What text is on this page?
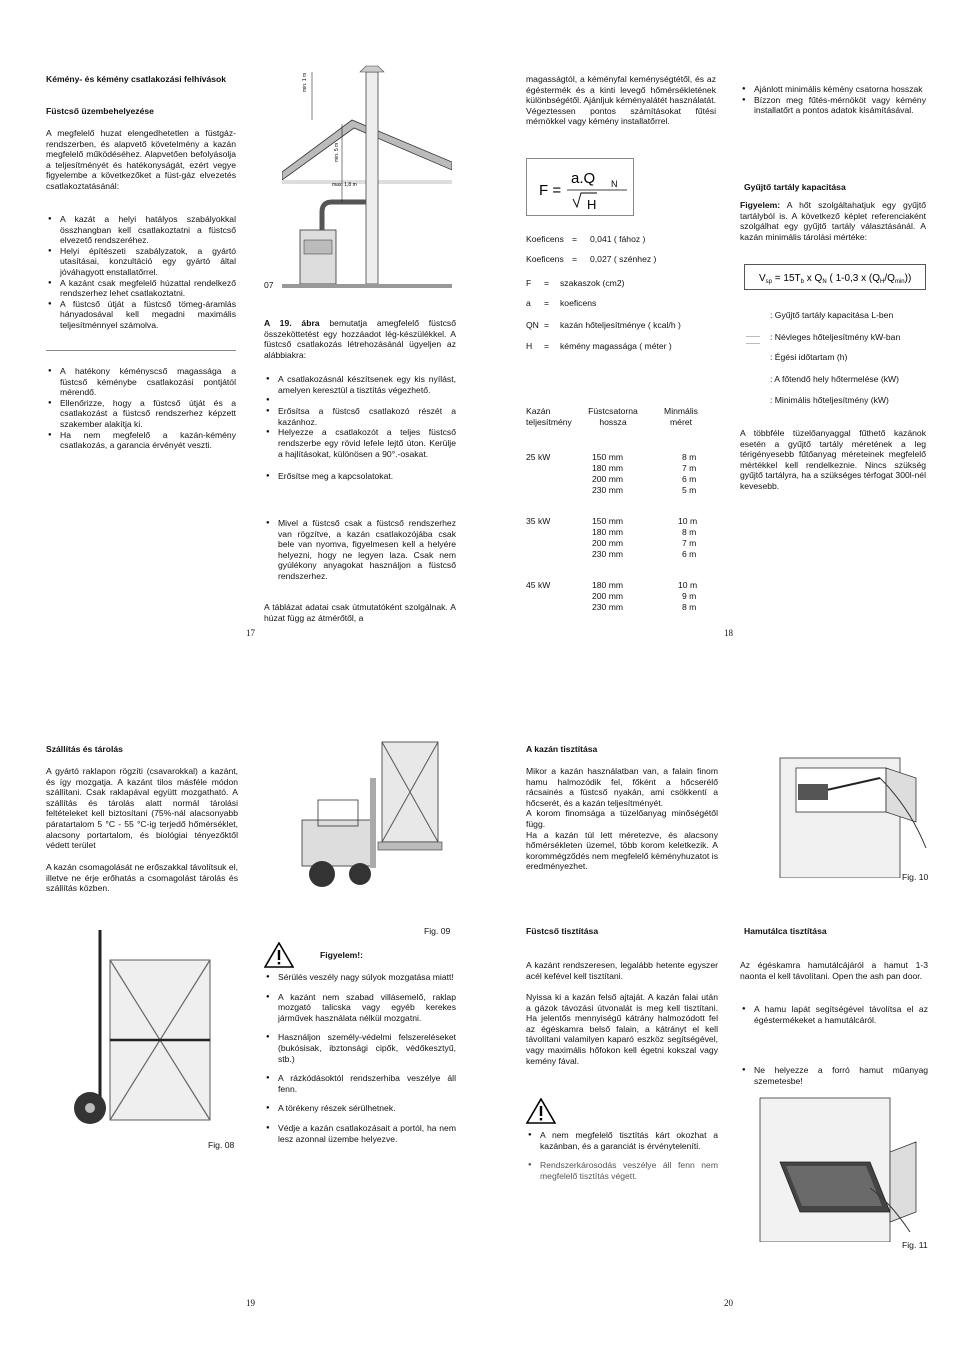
Kémény- és kémény csatlakozási felhívások
Füstcső üzembehelyezése
A megfelelő huzat elengedhetetlen a füstgáz-rendszerben, és alapvető követelmény a kazán megfelelő működéséhez. Alapvetően befolyásolja a teljesítményét és hatékonyságát, ezért vegye figyelembe a következőket a füst-gáz elvezetés csatlakoztatásánál:
● A kazát a helyi hatályos szabályokkal összhangban kell csatlakoztatni a füstcső elvezető rendszeréhez.
● Helyi építészeti szabályzatok, a gyártó utasításai, konzultáció egy gyártó által jóváhagyott enstallatőrrel.
● A kazánt csak megfelelő húzattal rendelkező rendszerhez lehet csatlakoztatni.
● A füstcső útját a füstcső tömeg-áramlás hányadosával kell megadni maximális teljesítménnyel számolva.
● A hatékony kéményscső magassága a füstcső kéménybe csatlakozási pontjától mérendő.
● Ellenőrizze, hogy a füstcső útját és a csatlakozást a füstcső rendszerhez képzett szakember alakítja ki.
● Ha nem megfelelő a kazán-kémény csatlakozás, a garancia érvényét veszti.
min. 1 m
min. 5 m
max. 1,8 m
07
A 19. ábra bemutatja amegfelelő füstcső összeköttetést egy hozzáadot lég-készülékkel. A füstcső csatlakozás létrehozásánál ügyeljen az alábbiakra:
● A csatlakozásnál készítsenek egy kis nyílást, amelyen keresztül a tisztítás végezhető.
●
● Erősítsa a füstcső csatlakozó részét a kazánhoz.
● Helyezze a csatlakozót a teljes füstcső rendszerbe egy rövid lefele lejtő úton. Kerülje a hajlításokat, különösen a 90°.-osakat.
● Erősítse meg a kapcsolatokat.
● Mivel a füstcső csak a füstcső rendszerhez van rögzítve, a kazán csatlakozójába csak bele van nyomva, figyelmesen kell a helyére helyezni, hogy ne legyen laza. Csak nem gyúlékony anyagokat használjon a füstcső rendszerhez.
A táblázat adatai csak útmutatóként szolgálnak. A húzat függ az átmérőtől, a
17
magasságtól, a kéményfal keménységtétől, és az égéstermék és a kinti levegő hőmérsékletének különbségétől. Ajánljuk kéményalátét használatát. Végeztessen pontos számításokat fűtési mérnökkel vagy kémény installatőrrel.
F =
a.Q N
H
Koeficens = 0,041 ( fához )
Koeficens = 0,027 ( szénhez )
F = szakaszok (cm2)
a = koeficens
QN = kazán hőteljesítménye ( kcal/h )
H = kémény magassága ( méter )
Kazán teljesítmény
Füstcsatorna hossza
Minmális méret
25 kW	150 mm	8 m
180 mm	7 m
200 mm	6 m
230 mm	5 m
35 kW	150 mm	10 m
180 mm	8 m
200 mm	7 m
230 mm	6 m
45 kW	180 mm	10 m
200 mm	9 m
230 mm	8 m
● Ajánlott minimális kémény csatorna hosszak
● Bízzon meg fűtés-mérnököt vagy kémény installatőrt a pontos adatok kisámításával.
Gyűjtő tartály kapacitása
Figyelem: A hőt szolgáltahatjuk egy gyűjtő tartályból is. A következő képlet referenciaként szolgálhat egy gyűjtő tartály választásánál. A kazán minimális tárolási mértéke:
$V_{sp} = 15T_b$ x $Q_N$ ( 1-0,3 x $(Q_H/Q_{min})$)
: Gyűjtő tartály kapacitása L-ben
: Névleges hőteljesítmény kW-ban
: Égési időtartam (h)
: A főtendő hely hőtermelése (kW)
: Minimális hőteljesítmény (kW)
A többféle tüzelőanyaggal fűthető kazánok esetén a gyűjtő tartály méretének a leg térigényesebb fűtőanyag méreteinek megfelelő mértékkel kell rendelkeznie. Nincs szükség gyűjtő tartályra, ha a szükséges térfogat 300l-nél kevesebb.
18
Szállítás és tárolás
A gyártó raklapon rögzíti (csavarokkal) a kazánt, és így mozgatja. A kazánt tilos másféle módon szállítani. Csak raklapával együtt mozgatható. A szállítás és tárolás alatt normál tárolási feltételeket kell biztosítani (75%-nál alacsonyabb páratartalom 5 °C - 55 °C-ig terjedő hőmérséklet, alacsony portartalom, és biológiai tényezőktől védett terület
A kazán csomagolását ne erőszakkal távolítsuk el, illetve ne érje erőhatás a csomagolást tárolás és szállítás közben.
Fig. 09
Fig. 08
Figyelem!:
● Sérülés veszély nagy súlyok mozgatása miatt!
● A kazánt nem szabad villásemelő, raklap mozgató talicska vagy egyéb kerekes járművek használata nélkül mozgatni.
● Használjon személy-védelmi felszereléseket (bukósisak, ibztonsági cipők, védőkesztyű, stb.)
● A rázkódásoktól rendszerhiba veszélye áll fenn.
● A törékeny részek sérülhetnek.
● Védje a kazán csatlakozásait a portól, ha nem lesz azonnal üzembe helyezve.
19
A kazán tisztítása
Mikor a kazán használatban van, a falain finom hamu halmozódik fel, főként a hőcserélő rácsainés a füstcső nyakán, ami csökkentí a hőcserét, és a kazán teljesítményét.
A korom finomsága a tüzelőanyag minőségétől függ.
Ha a kazán túl lett méretezve, és alacsony hőmérsékleten üzemel, több korom keletkezik. A korommégződés nem megfelelő kéményhuzatot is eredményezhet.
Fig. 10
Füstcső tisztítása
A kazánt rendszeresen, legalább hetente egyszer acél kefével kell tisztítani.
Nyissa ki a kazán felső ajtaját. A kazán falai után a gázok távozási útvonalát is meg kell tisztítani. Ha jelentős mennyiségű kátrány halmozódott fel az égéskamra belső falain, a kátrányt el kell távolítani valamilyen kaparó eszköz segítségével, vagy maximális hőfokon kell égetni kokszal vagy kemény fával.
● A nem megfelelő tisztítás kárt okozhat a kazánban, és a garanciát is érvényteleníti.
● Rendszerkárosodás veszélye áll fenn nem megfelelő tisztítás végett.
Hamutálca tisztítása
Az égéskamra hamutálcájáról a hamut 1-3 naonta el kell távolítani. Open the ash pan door.
● A hamu lapát segítségével távolítsa el az égéstermékeket a hamutálcáról.
● Ne helyezze a forró hamut műanyag szemetesbe!
Fig. 11
20
